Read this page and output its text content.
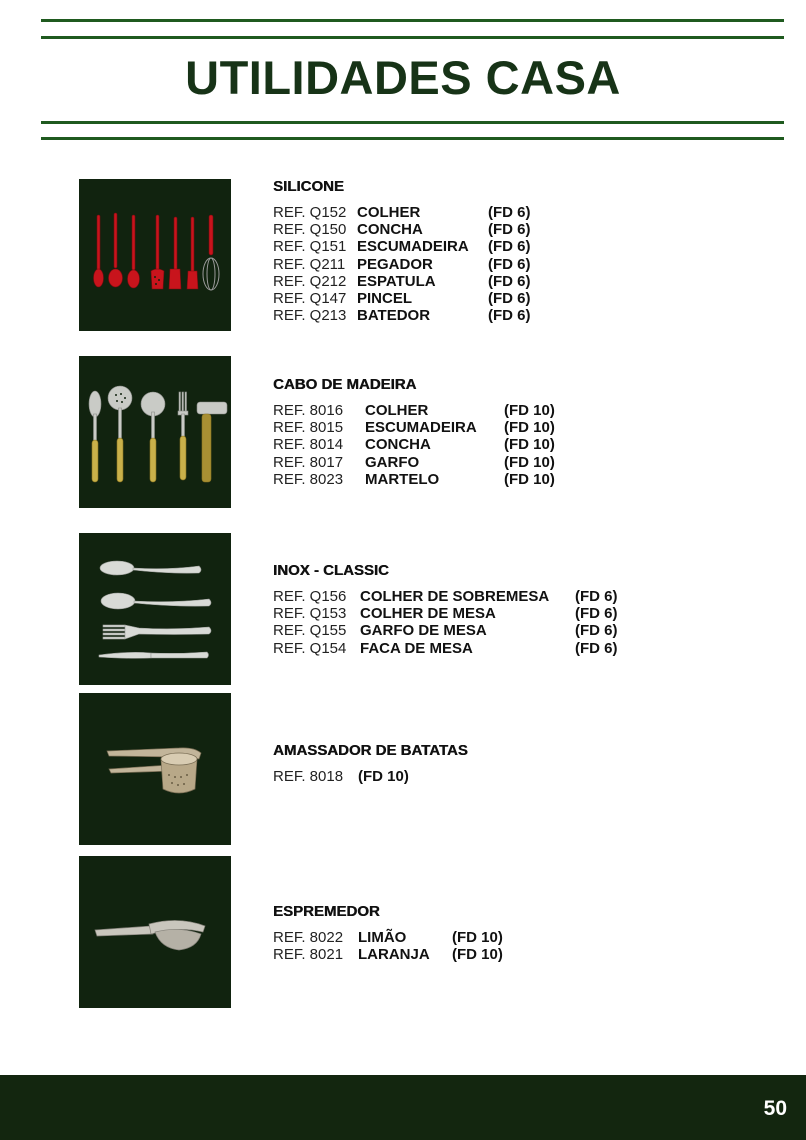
UTILIDADES CASA
SILICONE
REF. Q152 COLHER	(FD 6)
REF. Q150 CONCHA	(FD 6)
REF. Q151 ESCUMADEIRA	(FD 6)
REF. Q211 PEGADOR	(FD 6)
REF. Q212 ESPATULA	(FD 6)
REF. Q147 PINCEL	(FD 6)
REF. Q213 BATEDOR	(FD 6)
CABO DE MADEIRA
REF. 8016	COLHER	(FD 10)
REF. 8015	ESCUMADEIRA	(FD 10)
REF. 8014	CONCHA	(FD 10)
REF. 8017	GARFO	(FD 10)
REF. 8023	MARTELO	(FD 10)
INOX - CLASSIC
REF. Q156 COLHER DE SOBREMESA	(FD 6)
REF. Q153 COLHER DE MESA	(FD 6)
REF. Q155 GARFO DE MESA	(FD 6)
REF. Q154 FACA DE MESA	(FD 6)
AMASSADOR DE BATATAS
REF. 8018 (FD 10)
ESPREMEDOR
REF. 8022 LIMÃO	(FD 10)
REF. 8021 LARANJA	(FD 10)
50
